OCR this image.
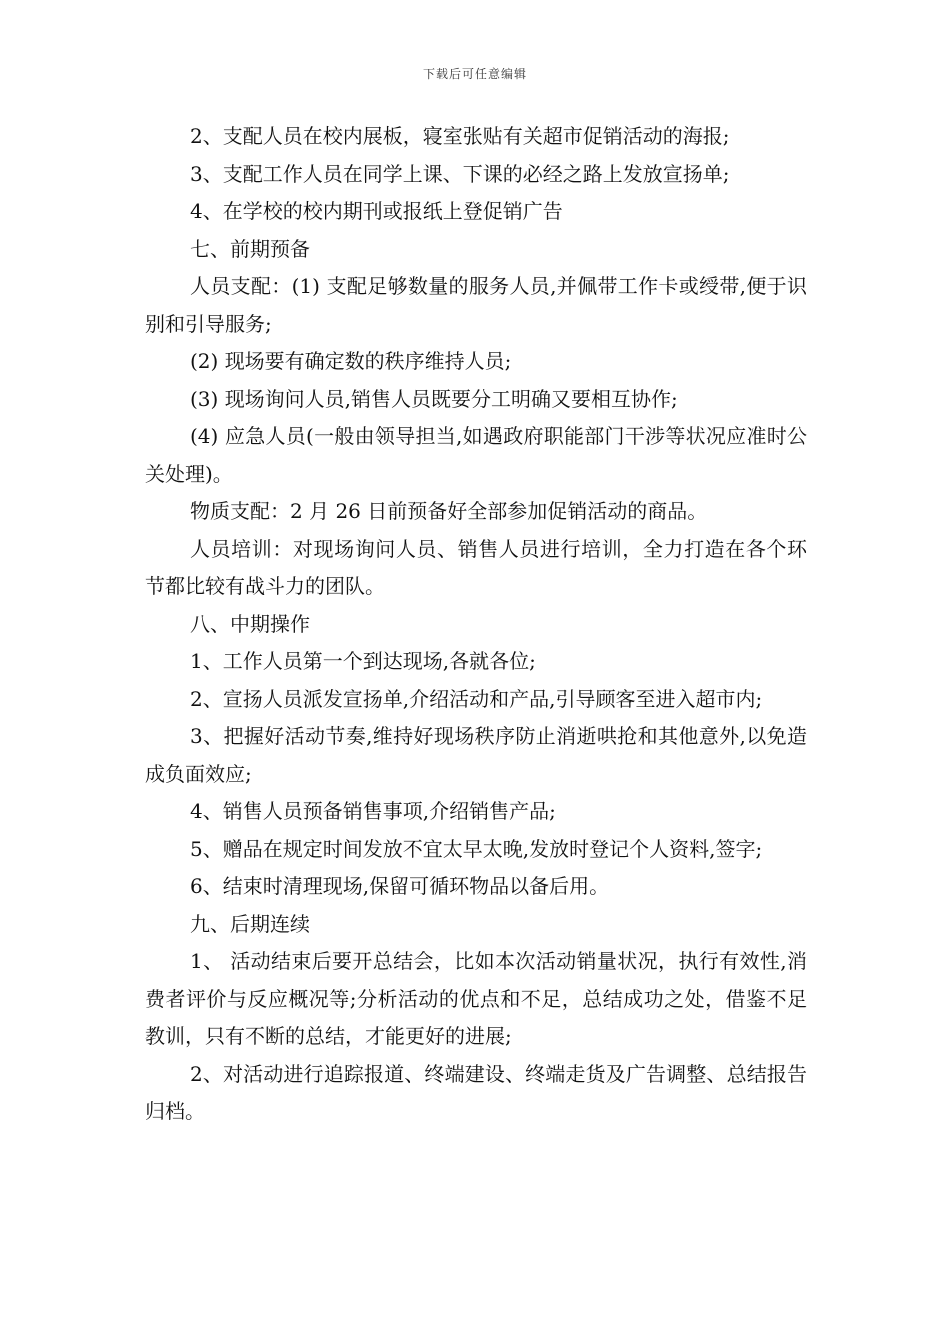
下载后可任意编辑

2、支配人员在校内展板，寝室张贴有关超市促销活动的海报;

3、支配工作人员在同学上课、下课的必经之路上发放宣扬单;

4、在学校的校内期刊或报纸上登促销广告

七、前期预备

人员支配：(1) 支配足够数量的服务人员,并佩带工作卡或绶带,便于识别和引导服务;

(2) 现场要有确定数的秩序维持人员;

(3) 现场询问人员,销售人员既要分工明确又要相互协作;

(4) 应急人员(一般由领导担当,如遇政府职能部门干涉等状况应准时公关处理)。

物质支配：2 月 26 日前预备好全部参加促销活动的商品。

人员培训：对现场询问人员、销售人员进行培训，全力打造在各个环节都比较有战斗力的团队。

八、中期操作

1、工作人员第一个到达现场,各就各位;

2、宣扬人员派发宣扬单,介绍活动和产品,引导顾客至进入超市内;

3、把握好活动节奏,维持好现场秩序防止消逝哄抢和其他意外,以免造成负面效应;

4、销售人员预备销售事项,介绍销售产品;

5、赠品在规定时间发放不宜太早太晚,发放时登记个人资料,签字;

6、结束时清理现场,保留可循环物品以备后用。

九、后期连续

1、 活动结束后要开总结会，比如本次活动销量状况，执行有效性,消费者评价与反应概况等;分析活动的优点和不足，总结成功之处，借鉴不足教训，只有不断的总结，才能更好的进展;

2、对活动进行追踪报道、终端建设、终端走货及广告调整、总结报告归档。
